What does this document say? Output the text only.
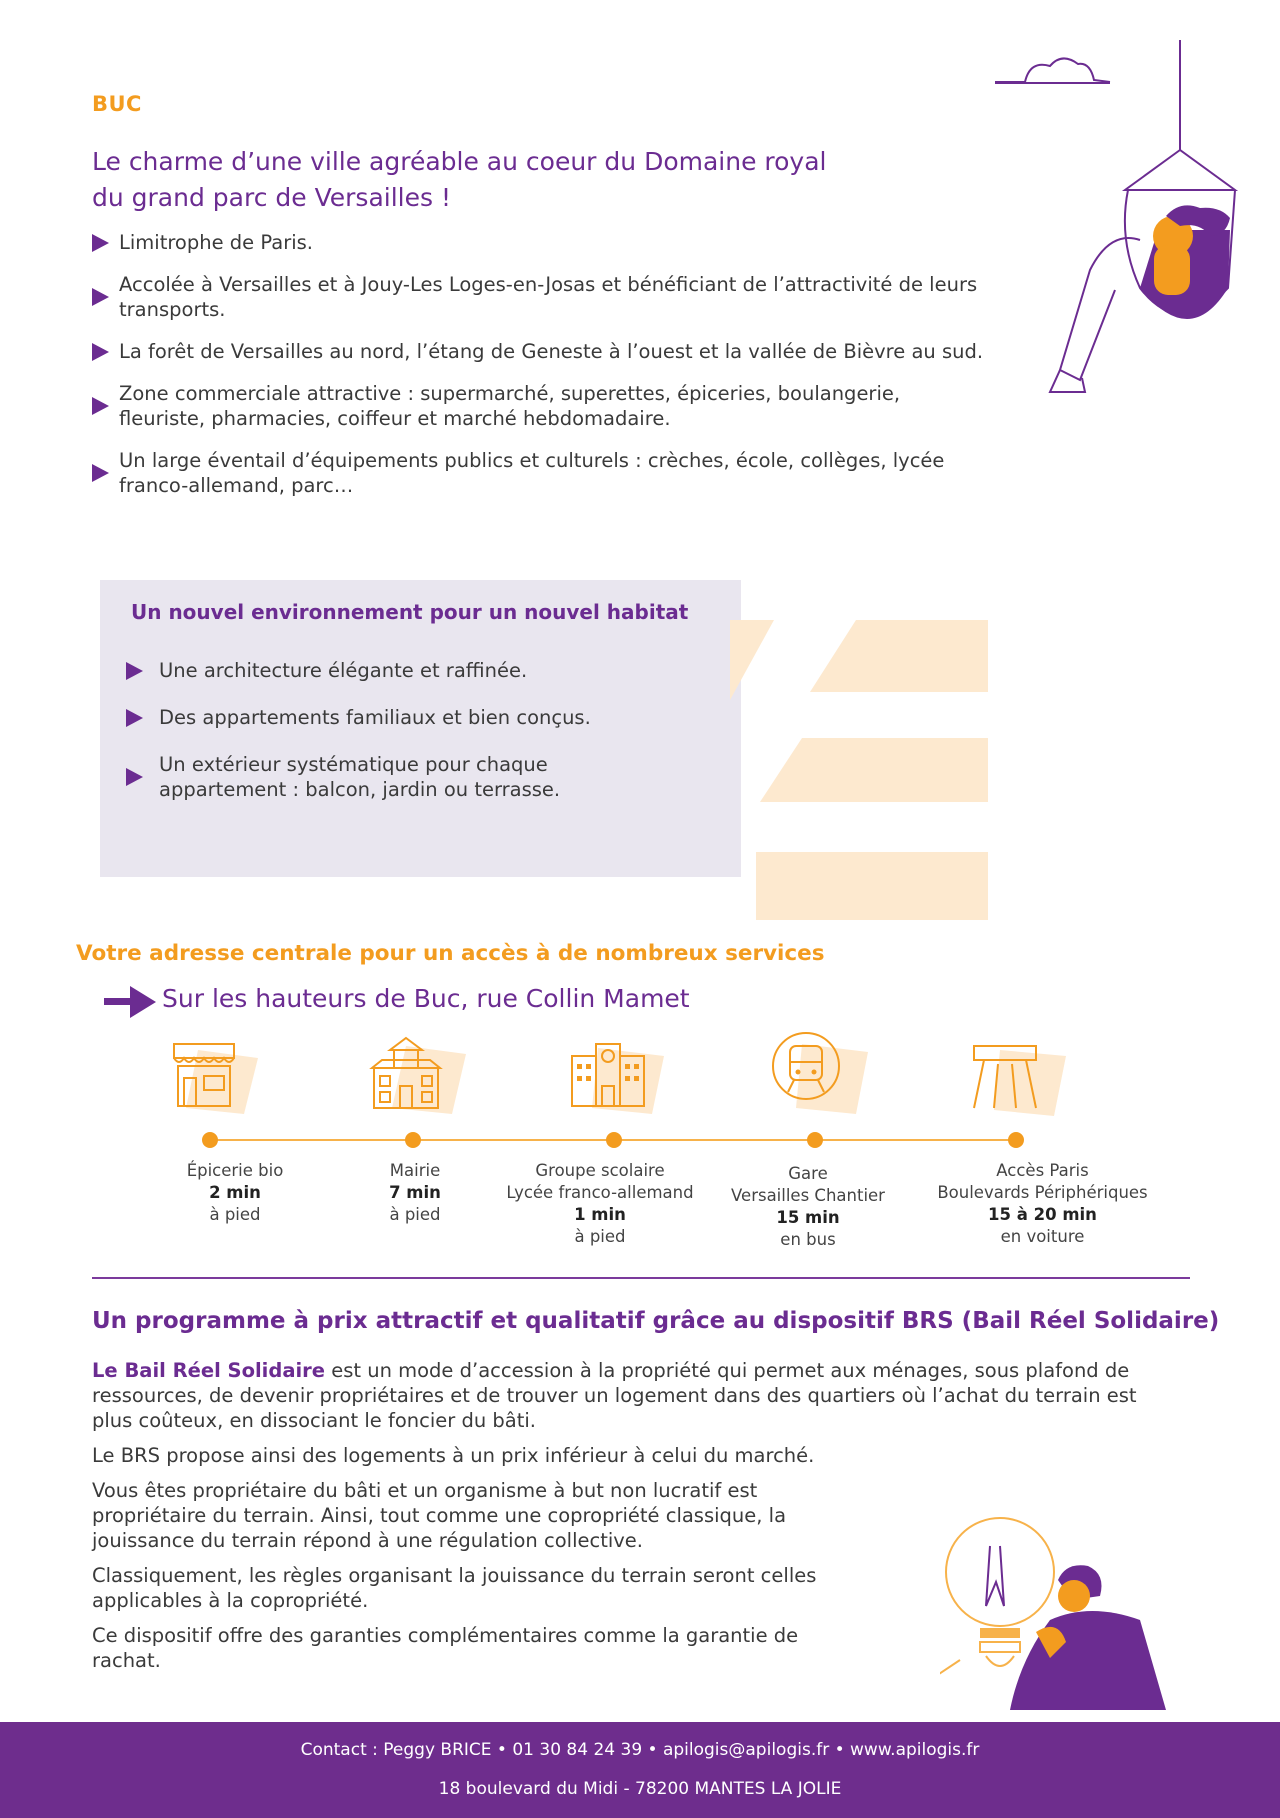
BUC
Le charme d’une ville agréable au coeur du Domaine royal
du grand parc de Versailles !
Limitrophe de Paris.
Accolée à Versailles et à Jouy-Les Loges-en-Josas et bénéficiant de l’attractivité de leurs transports.
La forêt de Versailles au nord, l’étang de Geneste à l’ouest et la vallée de Bièvre au sud.
Zone commerciale attractive : supermarché, superettes, épiceries, boulangerie, fleuriste, pharmacies, coiffeur et marché hebdomadaire.
Un large éventail d’équipements publics et culturels : crèches, école, collèges, lycée franco-allemand, parc…
Un nouvel environnement pour un nouvel habitat
Une architecture élégante et raffinée.
Des appartements familiaux et bien conçus.
Un extérieur systématique pour chaque appartement : balcon, jardin ou terrasse.
Votre adresse centrale pour un accès à de nombreux services
Sur les hauteurs de Buc, rue Collin Mamet
Épicerie bio
2 min
à pied
Mairie
7 min
à pied
Groupe scolaire
Lycée franco-allemand
1 min
à pied
Gare
Versailles Chantier
15 min
en bus
Accès Paris
Boulevards Périphériques
15 à 20 min
en voiture
Un programme à prix attractif et qualitatif grâce au dispositif BRS (Bail Réel Solidaire)

Le Bail Réel Solidaire est un mode d’accession à la propriété qui permet aux ménages, sous plafond de ressources, de devenir propriétaires et de trouver un logement dans des quartiers où l’achat du terrain est plus coûteux, en dissociant le foncier du bâti.

Le BRS propose ainsi des logements à un prix inférieur à celui du marché.

Vous êtes propriétaire du bâti et un organisme à but non lucratif est propriétaire du terrain. Ainsi, tout comme une copropriété classique, la jouissance du terrain répond à une régulation collective.

Classiquement, les règles organisant la jouissance du terrain seront celles applicables à la copropriété.

Ce dispositif offre des garanties complémentaires comme la garantie de rachat.

Contact : Peggy BRICE • 01 30 84 24 39 • apilogis@apilogis.fr • www.apilogis.fr
18 boulevard du Midi - 78200 MANTES LA JOLIE
